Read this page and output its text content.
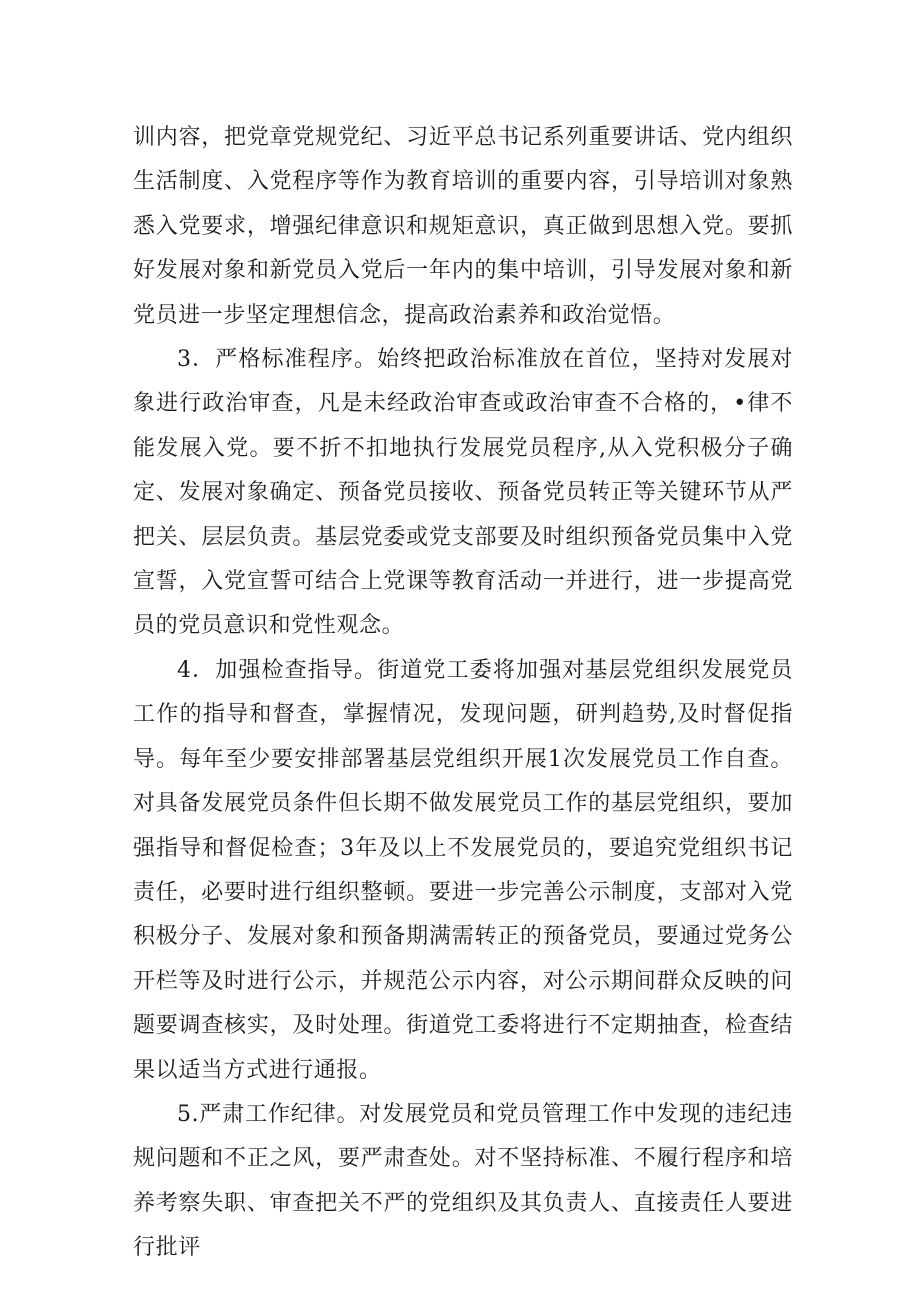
训内容，把党章党规党纪、习近平总书记系列重要讲话、党内组织生活制度、入党程序等作为教育培训的重要内容，引导培训对象熟悉入党要求，增强纪律意识和规矩意识，真正做到思想入党。要抓好发展对象和新党员入党后一年内的集中培训，引导发展对象和新党员进一步坚定理想信念，提高政治素养和政治觉悟。

3．严格标准程序。始终把政治标准放在首位，坚持对发展对象进行政治审查，凡是未经政治审查或政治审查不合格的，•律不能发展入党。要不折不扣地执行发展党员程序,从入党积极分子确定、发展对象确定、预备党员接收、预备党员转正等关键环节从严把关、层层负责。基层党委或党支部要及时组织预备党员集中入党宣誓，入党宣誓可结合上党课等教育活动一并进行，进一步提高党员的党员意识和党性观念。

4．加强检查指导。街道党工委将加强对基层党组织发展党员工作的指导和督查，掌握情况，发现问题，研判趋势,及时督促指导。每年至少要安排部署基层党组织开展1次发展党员工作自查。对具备发展党员条件但长期不做发展党员工作的基层党组织，要加强指导和督促检查；3年及以上不发展党员的，要追究党组织书记责任，必要时进行组织整顿。要进一步完善公示制度，支部对入党积极分子、发展对象和预备期满需转正的预备党员，要通过党务公开栏等及时进行公示，并规范公示内容，对公示期间群众反映的问题要调查核实，及时处理。街道党工委将进行不定期抽查，检查结果以适当方式进行通报。

5.严肃工作纪律。对发展党员和党员管理工作中发现的违纪违规问题和不正之风，要严肃查处。对不坚持标准、不履行程序和培养考察失职、审查把关不严的党组织及其负责人、直接责任人要进行批评
